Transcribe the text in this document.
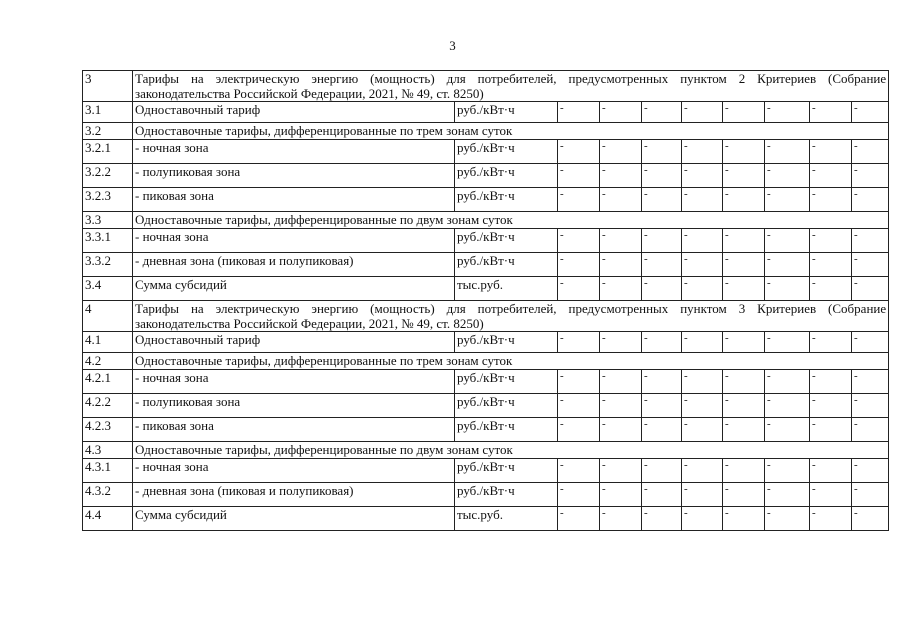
3
3	Тарифы на электрическую энергию (мощность) для потребителей, предусмотренных пунктом 2 Критериев (Собрание законодательства Российской Федерации, 2021, № 49, ст. 8250)									
3.1	Одноставочный тариф	руб./кВт·ч	-	-	-	-	-	-	-	-
3.2	Одноставочные тарифы, дифференцированные по трем зонам суток									
3.2.1	- ночная зона	руб./кВт·ч	-	-	-	-	-	-	-	-
3.2.2	- полупиковая зона	руб./кВт·ч	-	-	-	-	-	-	-	-
3.2.3	- пиковая зона	руб./кВт·ч	-	-	-	-	-	-	-	-
3.3	Одноставочные тарифы, дифференцированные по двум зонам суток									
3.3.1	- ночная зона	руб./кВт·ч	-	-	-	-	-	-	-	-
3.3.2	- дневная зона (пиковая и полупиковая)	руб./кВт·ч	-	-	-	-	-	-	-	-
3.4	Сумма субсидий	тыс.руб.	-	-	-	-	-	-	-	-
4	Тарифы на электрическую энергию (мощность) для потребителей, предусмотренных пунктом 3 Критериев (Собрание законодательства Российской Федерации, 2021, № 49, ст. 8250)									
4.1	Одноставочный тариф	руб./кВт·ч	-	-	-	-	-	-	-	-
4.2	Одноставочные тарифы, дифференцированные по трем зонам суток									
4.2.1	- ночная зона	руб./кВт·ч	-	-	-	-	-	-	-	-
4.2.2	- полупиковая зона	руб./кВт·ч	-	-	-	-	-	-	-	-
4.2.3	- пиковая зона	руб./кВт·ч	-	-	-	-	-	-	-	-
4.3	Одноставочные тарифы, дифференцированные по двум зонам суток									
4.3.1	- ночная зона	руб./кВт·ч	-	-	-	-	-	-	-	-
4.3.2	- дневная зона (пиковая и полупиковая)	руб./кВт·ч	-	-	-	-	-	-	-	-
4.4	Сумма субсидий	тыс.руб.	-	-	-	-	-	-	-	-
